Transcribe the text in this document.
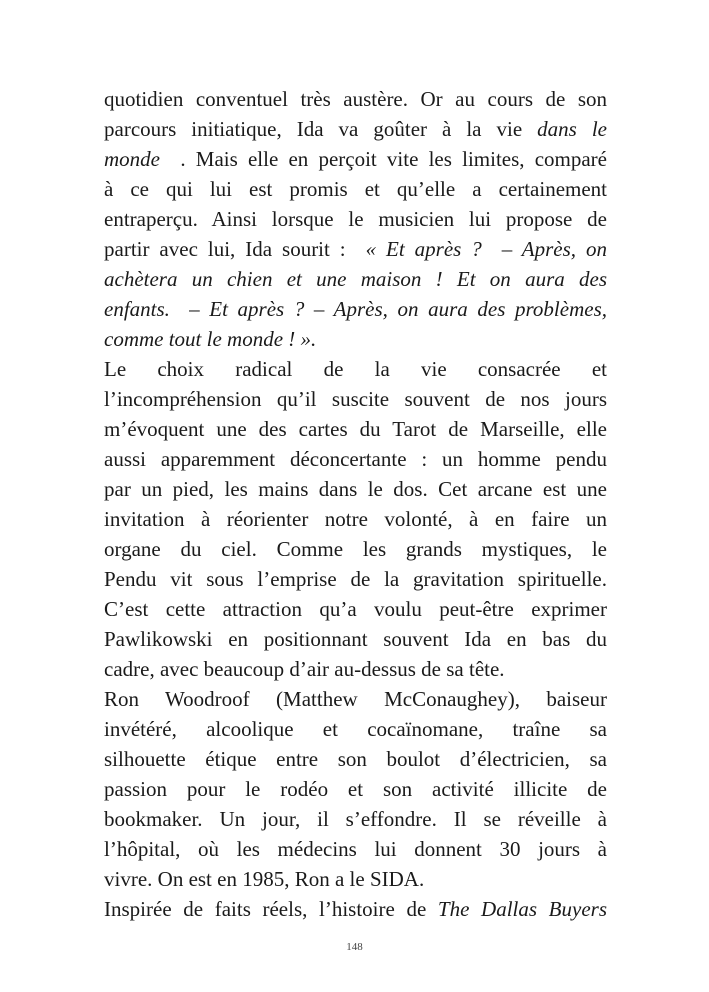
quotidien conventuel très austère. Or au cours de son
parcours initiatique, Ida va goûter à la vie dans le
monde  . Mais elle en perçoit vite les limites, comparé
à ce qui lui est promis et qu’elle a certainement
entraperçu. Ainsi lorsque le musicien lui propose de
partir avec lui, Ida sourit :  « Et après ?  – Après, on
achètera un chien et une maison ! Et on aura des
enfants.  – Et après ? – Après, on aura des problèmes,
comme tout le monde ! ».
Le choix radical de la vie consacrée et
l’incompréhension qu’il suscite souvent de nos jours
m’évoquent une des cartes du Tarot de Marseille, elle
aussi apparemment déconcertante : un homme pendu
par un pied, les mains dans le dos. Cet arcane est une
invitation à réorienter notre volonté, à en faire un
organe du ciel. Comme les grands mystiques, le
Pendu vit sous l’emprise de la gravitation spirituelle.
C’est cette attraction qu’a voulu peut-être exprimer
Pawlikowski en positionnant souvent Ida en bas du
cadre, avec beaucoup d’air au-dessus de sa tête.
Ron Woodroof (Matthew McConaughey), baiseur
invétéré, alcoolique et cocaïnomane, traîne sa
silhouette étique entre son boulot d’électricien, sa
passion pour le rodéo et son activité illicite de
bookmaker. Un jour, il s’effondre. Il se réveille à
l’hôpital, où les médecins lui donnent 30 jours à
vivre. On est en 1985, Ron a le SIDA.
Inspirée de faits réels, l’histoire de The Dallas Buyers
148
